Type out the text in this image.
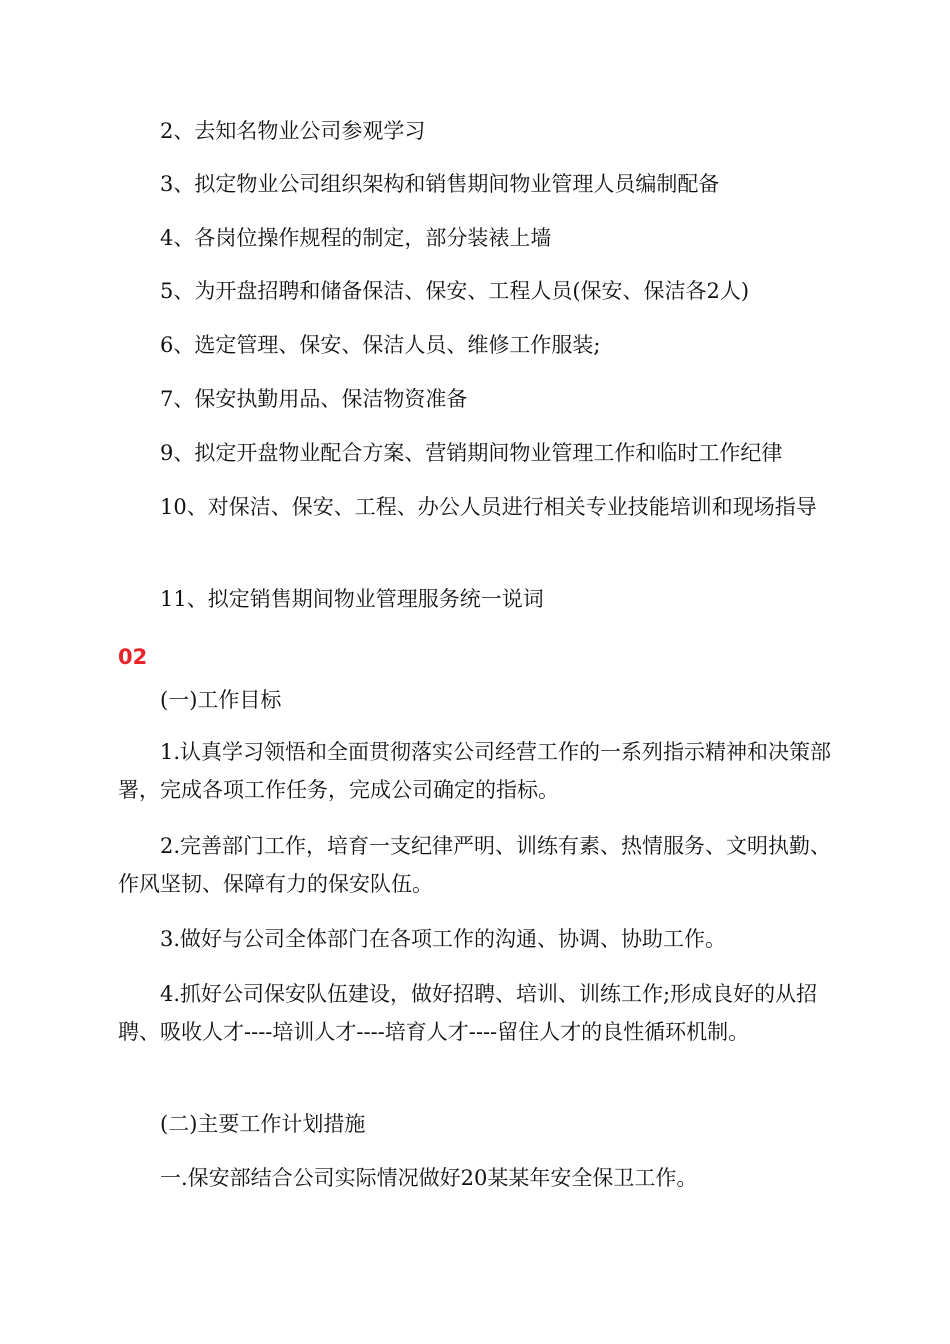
2、去知名物业公司参观学习

3、拟定物业公司组织架构和销售期间物业管理人员编制配备

4、各岗位操作规程的制定，部分装裱上墙

5、为开盘招聘和储备保洁、保安、工程人员(保安、保洁各2人)

6、选定管理、保安、保洁人员、维修工作服装;

7、保安执勤用品、保洁物资准备

9、拟定开盘物业配合方案、营销期间物业管理工作和临时工作纪律

10、对保洁、保安、工程、办公人员进行相关专业技能培训和现场指导

11、拟定销售期间物业管理服务统一说词

02

(一)工作目标

1.认真学习领悟和全面贯彻落实公司经营工作的一系列指示精神和决策部署，完成各项工作任务，完成公司确定的指标。

2.完善部门工作，培育一支纪律严明、训练有素、热情服务、文明执勤、作风坚韧、保障有力的保安队伍。

3.做好与公司全体部门在各项工作的沟通、协调、协助工作。

4.抓好公司保安队伍建设，做好招聘、培训、训练工作;形成良好的从招聘、吸收人才----培训人才----培育人才----留住人才的良性循环机制。

(二)主要工作计划措施

一.保安部结合公司实际情况做好20某某年安全保卫工作。
